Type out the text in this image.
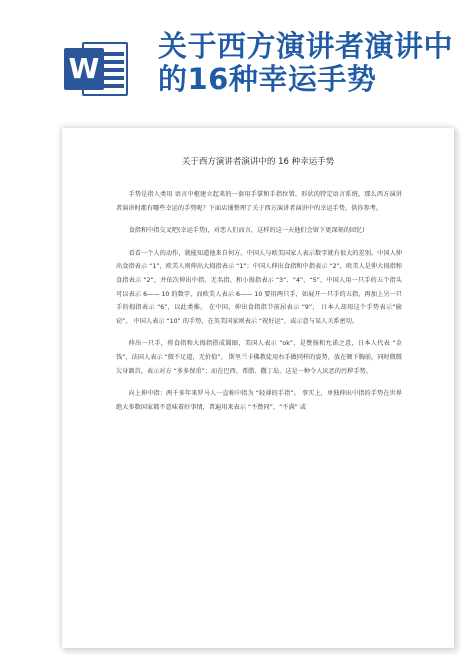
W
关于西方演讲者演讲中的16种幸运手势
关于西方演讲者演讲中的 16 种幸运手势

手势是指人类用 语言中枢建立起来的一套用手掌和手指位置、形状的特定语言系统。那么西方演讲者演讲时都有哪些幸运的手势呢？下面店铺整理了关于西方演讲者演讲中的幸运手势，供你参考。

食指和中指交叉吧(幸运手势)，对恋人们而言，这样的这一天他们会留下更深刻的回忆!

看看一个人的动作，就能知道他来自何方。中国人与欧美国家人表示数字就有很大的差别。中国人伸出食指表示 “1”，欧美人则伸出大拇指表示 “1”；中国人伸出食指和中指表示 “2”，欧美人是伸大拇指和食指表示 “2”，并依次伸出中指、无名指、和小拇指表示 “3”、“4”、“5”，中国人用一只手的五个指头可以表示 6—— 10 的数字，而欧美人表示 6—— 10 要用两只手，如展开一只手的五指，再加上另一只手的拇指表示 “6”，以此类推。 在中国，伸出食指指节前屈表示 “9”， 日本人却用这个手势表示“偷窃”。 中国人表示 “10” 的手势，在英美国家则表示 “祝好运”，或示意与某人关系密切。

伸出一只手，将食指和大拇指搭成圆圈，美国人表示 “ok”，是赞扬和允诺之意，日本人代表 “金钱”，法国人表示 “微不足道，无价值”。 斯里兰卡佛教徒用右手做同样的姿势，放在颏下胸前，同时微微欠身颔首，表示对方 “多多保重”；而在巴西、希腊、撒丁岛，这是一种令人厌恶的污秽手势。

向上伸中指：两千多年来罗马人一直称中指为 “轻薄的手指”。 事实上，单独伸出中指的手势在世界绝大多数国家都不意味着好事情，普遍用来表示 “不赞同”、“不满” 或
